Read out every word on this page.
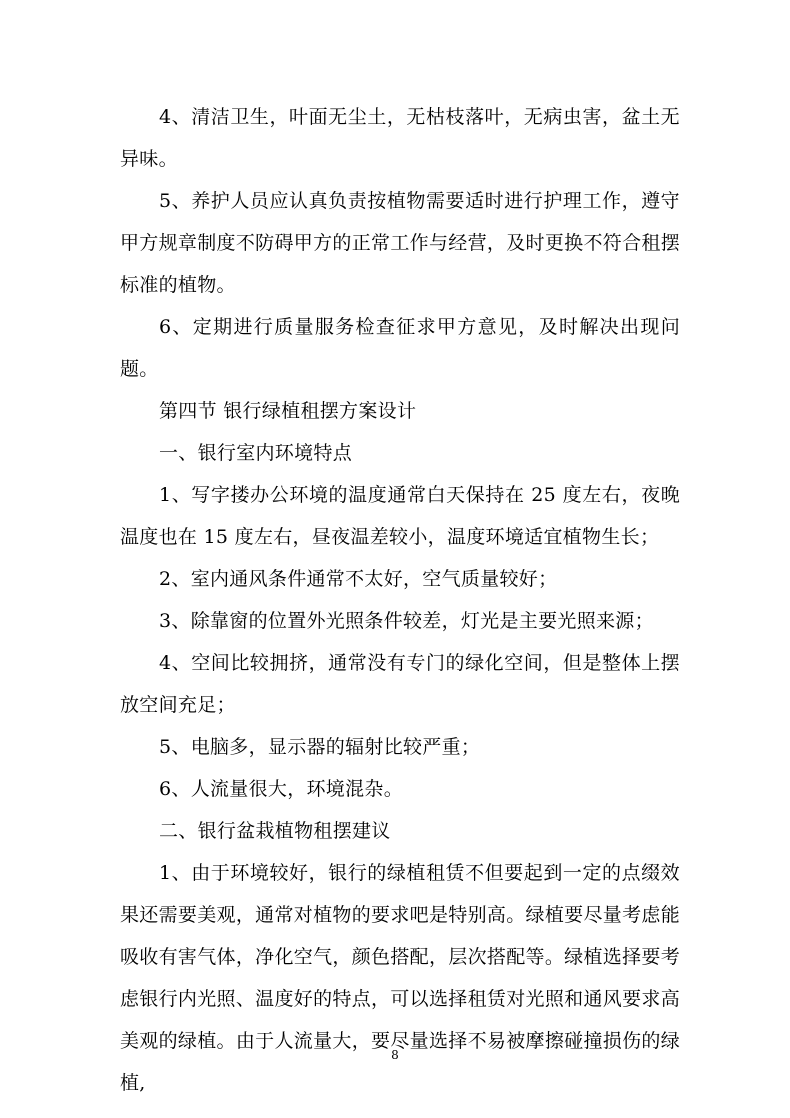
4、清洁卫生，叶面无尘土，无枯枝落叶，无病虫害，盆土无异味。

5、养护人员应认真负责按植物需要适时进行护理工作，遵守甲方规章制度不防碍甲方的正常工作与经营，及时更换不符合租摆标准的植物。

6、定期进行质量服务检查征求甲方意见，及时解决出现问题。

第四节 银行绿植租摆方案设计

一、银行室内环境特点

1、写字搂办公环境的温度通常白天保持在 25 度左右，夜晚温度也在 15 度左右，昼夜温差较小，温度环境适宜植物生长；

2、室内通风条件通常不太好，空气质量较好；

3、除靠窗的位置外光照条件较差，灯光是主要光照来源；

4、空间比较拥挤，通常没有专门的绿化空间，但是整体上摆放空间充足；

5、电脑多，显示器的辐射比较严重；

6、人流量很大，环境混杂。

二、银行盆栽植物租摆建议

1、由于环境较好，银行的绿植租赁不但要起到一定的点缀效果还需要美观，通常对植物的要求吧是特别高。绿植要尽量考虑能吸收有害气体，净化空气，颜色搭配，层次搭配等。绿植选择要考虑银行内光照、温度好的特点，可以选择租赁对光照和通风要求高美观的绿植。由于人流量大，要尽量选择不易被摩擦碰撞损伤的绿植,

8
